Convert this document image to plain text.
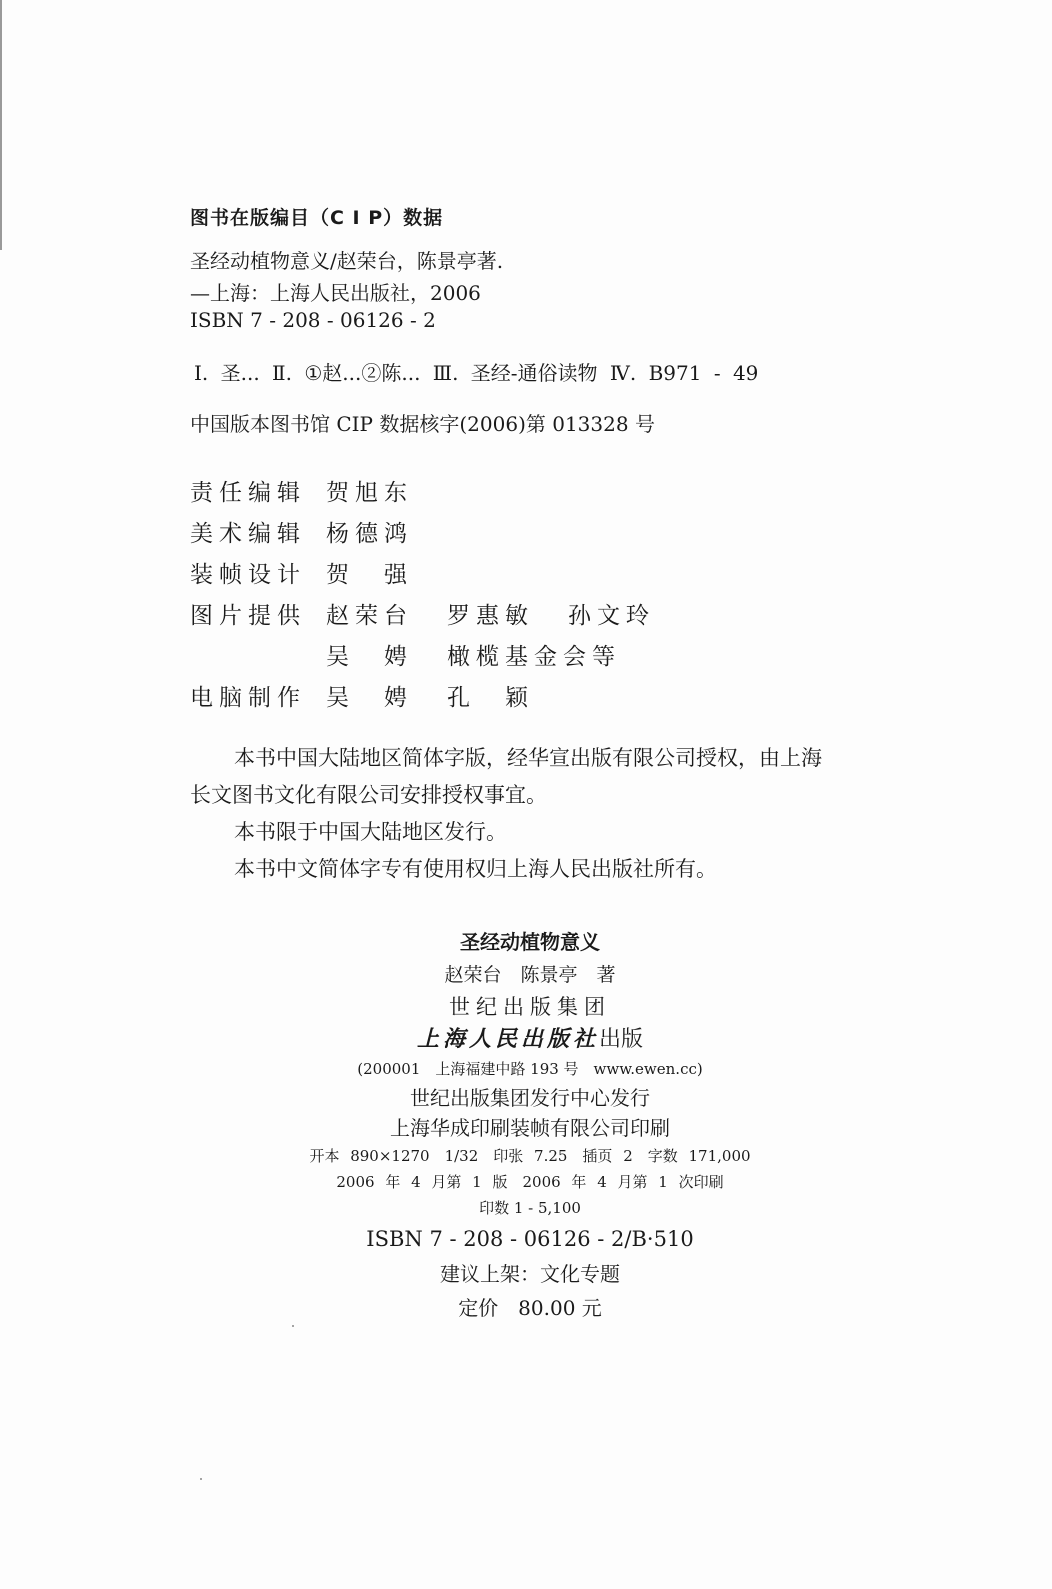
图书在版编目（C I P）数据
圣经动植物意义/赵荣台，陈景亭著.
—上海：上海人民出版社，2006
ISBN 7 - 208 - 06126 - 2
Ⅰ. 圣... Ⅱ. ①赵...②陈... Ⅲ. 圣经-通俗读物 Ⅳ. B971 - 49
中国版本图书馆 CIP 数据核字(2006)第 013328 号
责任编辑 贺旭东
美术编辑 杨德鸿
装帧设计 贺　强
图片提供 赵荣台 罗惠敏 孙文玲
吴　娉 橄榄基金会等
电脑制作 吴　娉 孔　颖

本书中国大陆地区简体字版，经华宣出版有限公司授权，由上海

长文图书文化有限公司安排授权事宜。

本书限于中国大陆地区发行。

本书中文简体字专有使用权归上海人民出版社所有。

圣经动植物意义
赵荣台　陈景亭　著
世纪出版集团
上海人民出版社出版
(200001　上海福建中路 193 号　www.ewen.cc)
世纪出版集团发行中心发行
上海华成印刷装帧有限公司印刷
开本 890×1270　1/32　印张 7.25　插页 2　字数 171,000
2006 年 4 月第 1 版　2006 年 4 月第 1 次印刷
印数 1 - 5,100
ISBN 7 - 208 - 06126 - 2/B·510
建议上架：文化专题
定价　80.00 元
